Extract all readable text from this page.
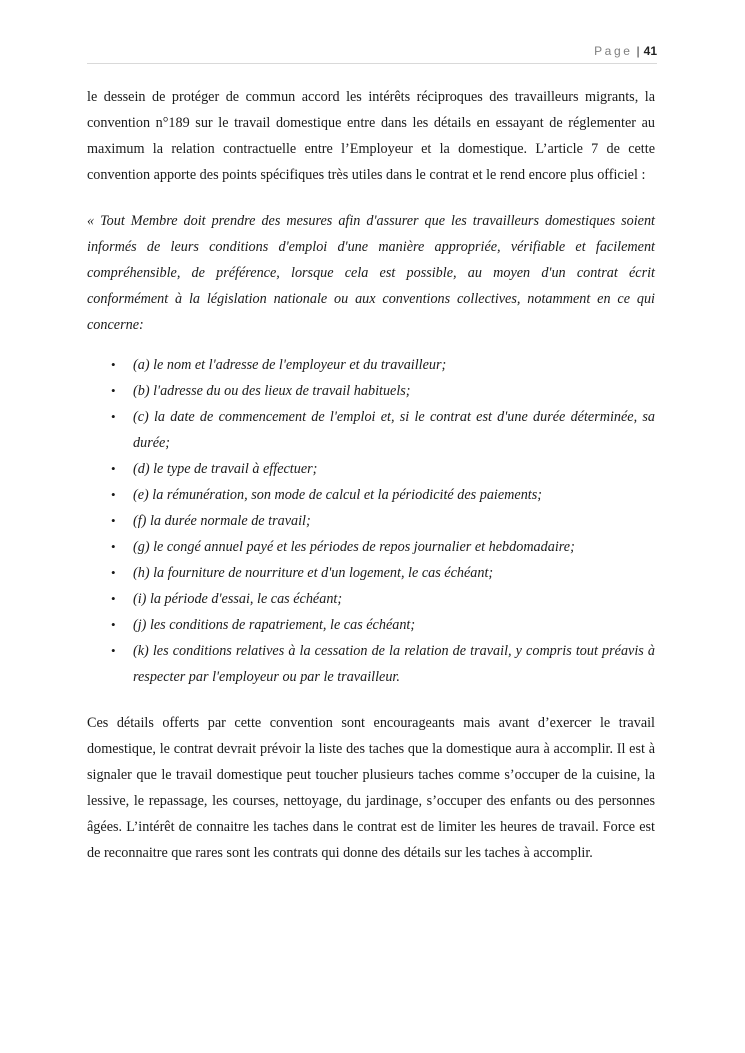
Page | 41

le dessein de protéger de commun accord les intérêts réciproques des travailleurs migrants, la convention n°189 sur le travail domestique entre dans les détails en essayant de réglementer au maximum la relation contractuelle entre l’Employeur et la domestique. L’article 7 de cette convention apporte des points spécifiques très utiles dans le contrat et le rend encore plus officiel :

« Tout Membre doit prendre des mesures afin d'assurer que les travailleurs domestiques soient informés de leurs conditions d'emploi d'une manière appropriée, vérifiable et facilement compréhensible, de préférence, lorsque cela est possible, au moyen d'un contrat écrit conformément à la législation nationale ou aux conventions collectives, notamment en ce qui concerne:

• (a) le nom et l'adresse de l'employeur et du travailleur;
• (b) l'adresse du ou des lieux de travail habituels;
• (c) la date de commencement de l'emploi et, si le contrat est d'une durée déterminée, sa durée;
• (d) le type de travail à effectuer;
• (e) la rémunération, son mode de calcul et la périodicité des paiements;
• (f) la durée normale de travail;
• (g) le congé annuel payé et les périodes de repos journalier et hebdomadaire;
• (h) la fourniture de nourriture et d'un logement, le cas échéant;
• (i) la période d'essai, le cas échéant;
• (j) les conditions de rapatriement, le cas échéant;
• (k) les conditions relatives à la cessation de la relation de travail, y compris tout préavis à respecter par l'employeur ou par le travailleur.

Ces détails offerts par cette convention sont encourageants mais avant d’exercer le travail domestique, le contrat devrait prévoir la liste des taches que la domestique aura à accomplir. Il est à signaler que le travail domestique peut toucher plusieurs taches comme s’occuper de la cuisine, la lessive, le repassage, les courses, nettoyage, du jardinage, s’occuper des enfants ou des personnes âgées. L’intérêt de connaitre les taches dans le contrat est de limiter les heures de travail. Force est de reconnaitre que rares sont les contrats qui donne des détails sur les taches à accomplir.
